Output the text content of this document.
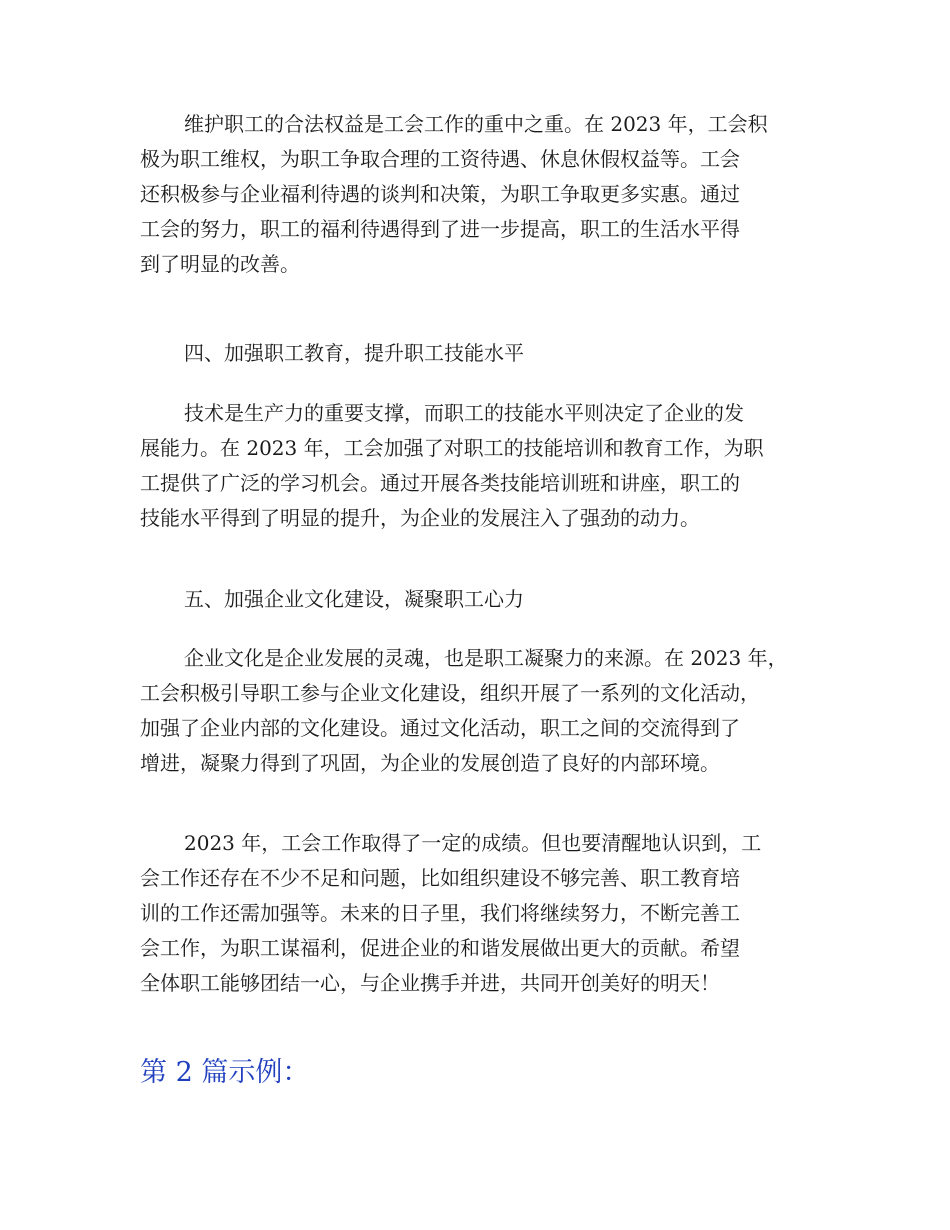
维护职工的合法权益是工会工作的重中之重。在 2023 年，工会积
极为职工维权，为职工争取合理的工资待遇、休息休假权益等。工会
还积极参与企业福利待遇的谈判和决策，为职工争取更多实惠。通过
工会的努力，职工的福利待遇得到了进一步提高，职工的生活水平得
到了明显的改善。

四、加强职工教育，提升职工技能水平

技术是生产力的重要支撑，而职工的技能水平则决定了企业的发
展能力。在 2023 年，工会加强了对职工的技能培训和教育工作，为职
工提供了广泛的学习机会。通过开展各类技能培训班和讲座，职工的
技能水平得到了明显的提升，为企业的发展注入了强劲的动力。

五、加强企业文化建设，凝聚职工心力

企业文化是企业发展的灵魂，也是职工凝聚力的来源。在 2023 年，
工会积极引导职工参与企业文化建设，组织开展了一系列的文化活动，
加强了企业内部的文化建设。通过文化活动，职工之间的交流得到了
增进，凝聚力得到了巩固，为企业的发展创造了良好的内部环境。

2023 年，工会工作取得了一定的成绩。但也要清醒地认识到，工
会工作还存在不少不足和问题，比如组织建设不够完善、职工教育培
训的工作还需加强等。未来的日子里，我们将继续努力，不断完善工
会工作，为职工谋福利，促进企业的和谐发展做出更大的贡献。希望
全体职工能够团结一心，与企业携手并进，共同开创美好的明天！

第 2 篇示例：
